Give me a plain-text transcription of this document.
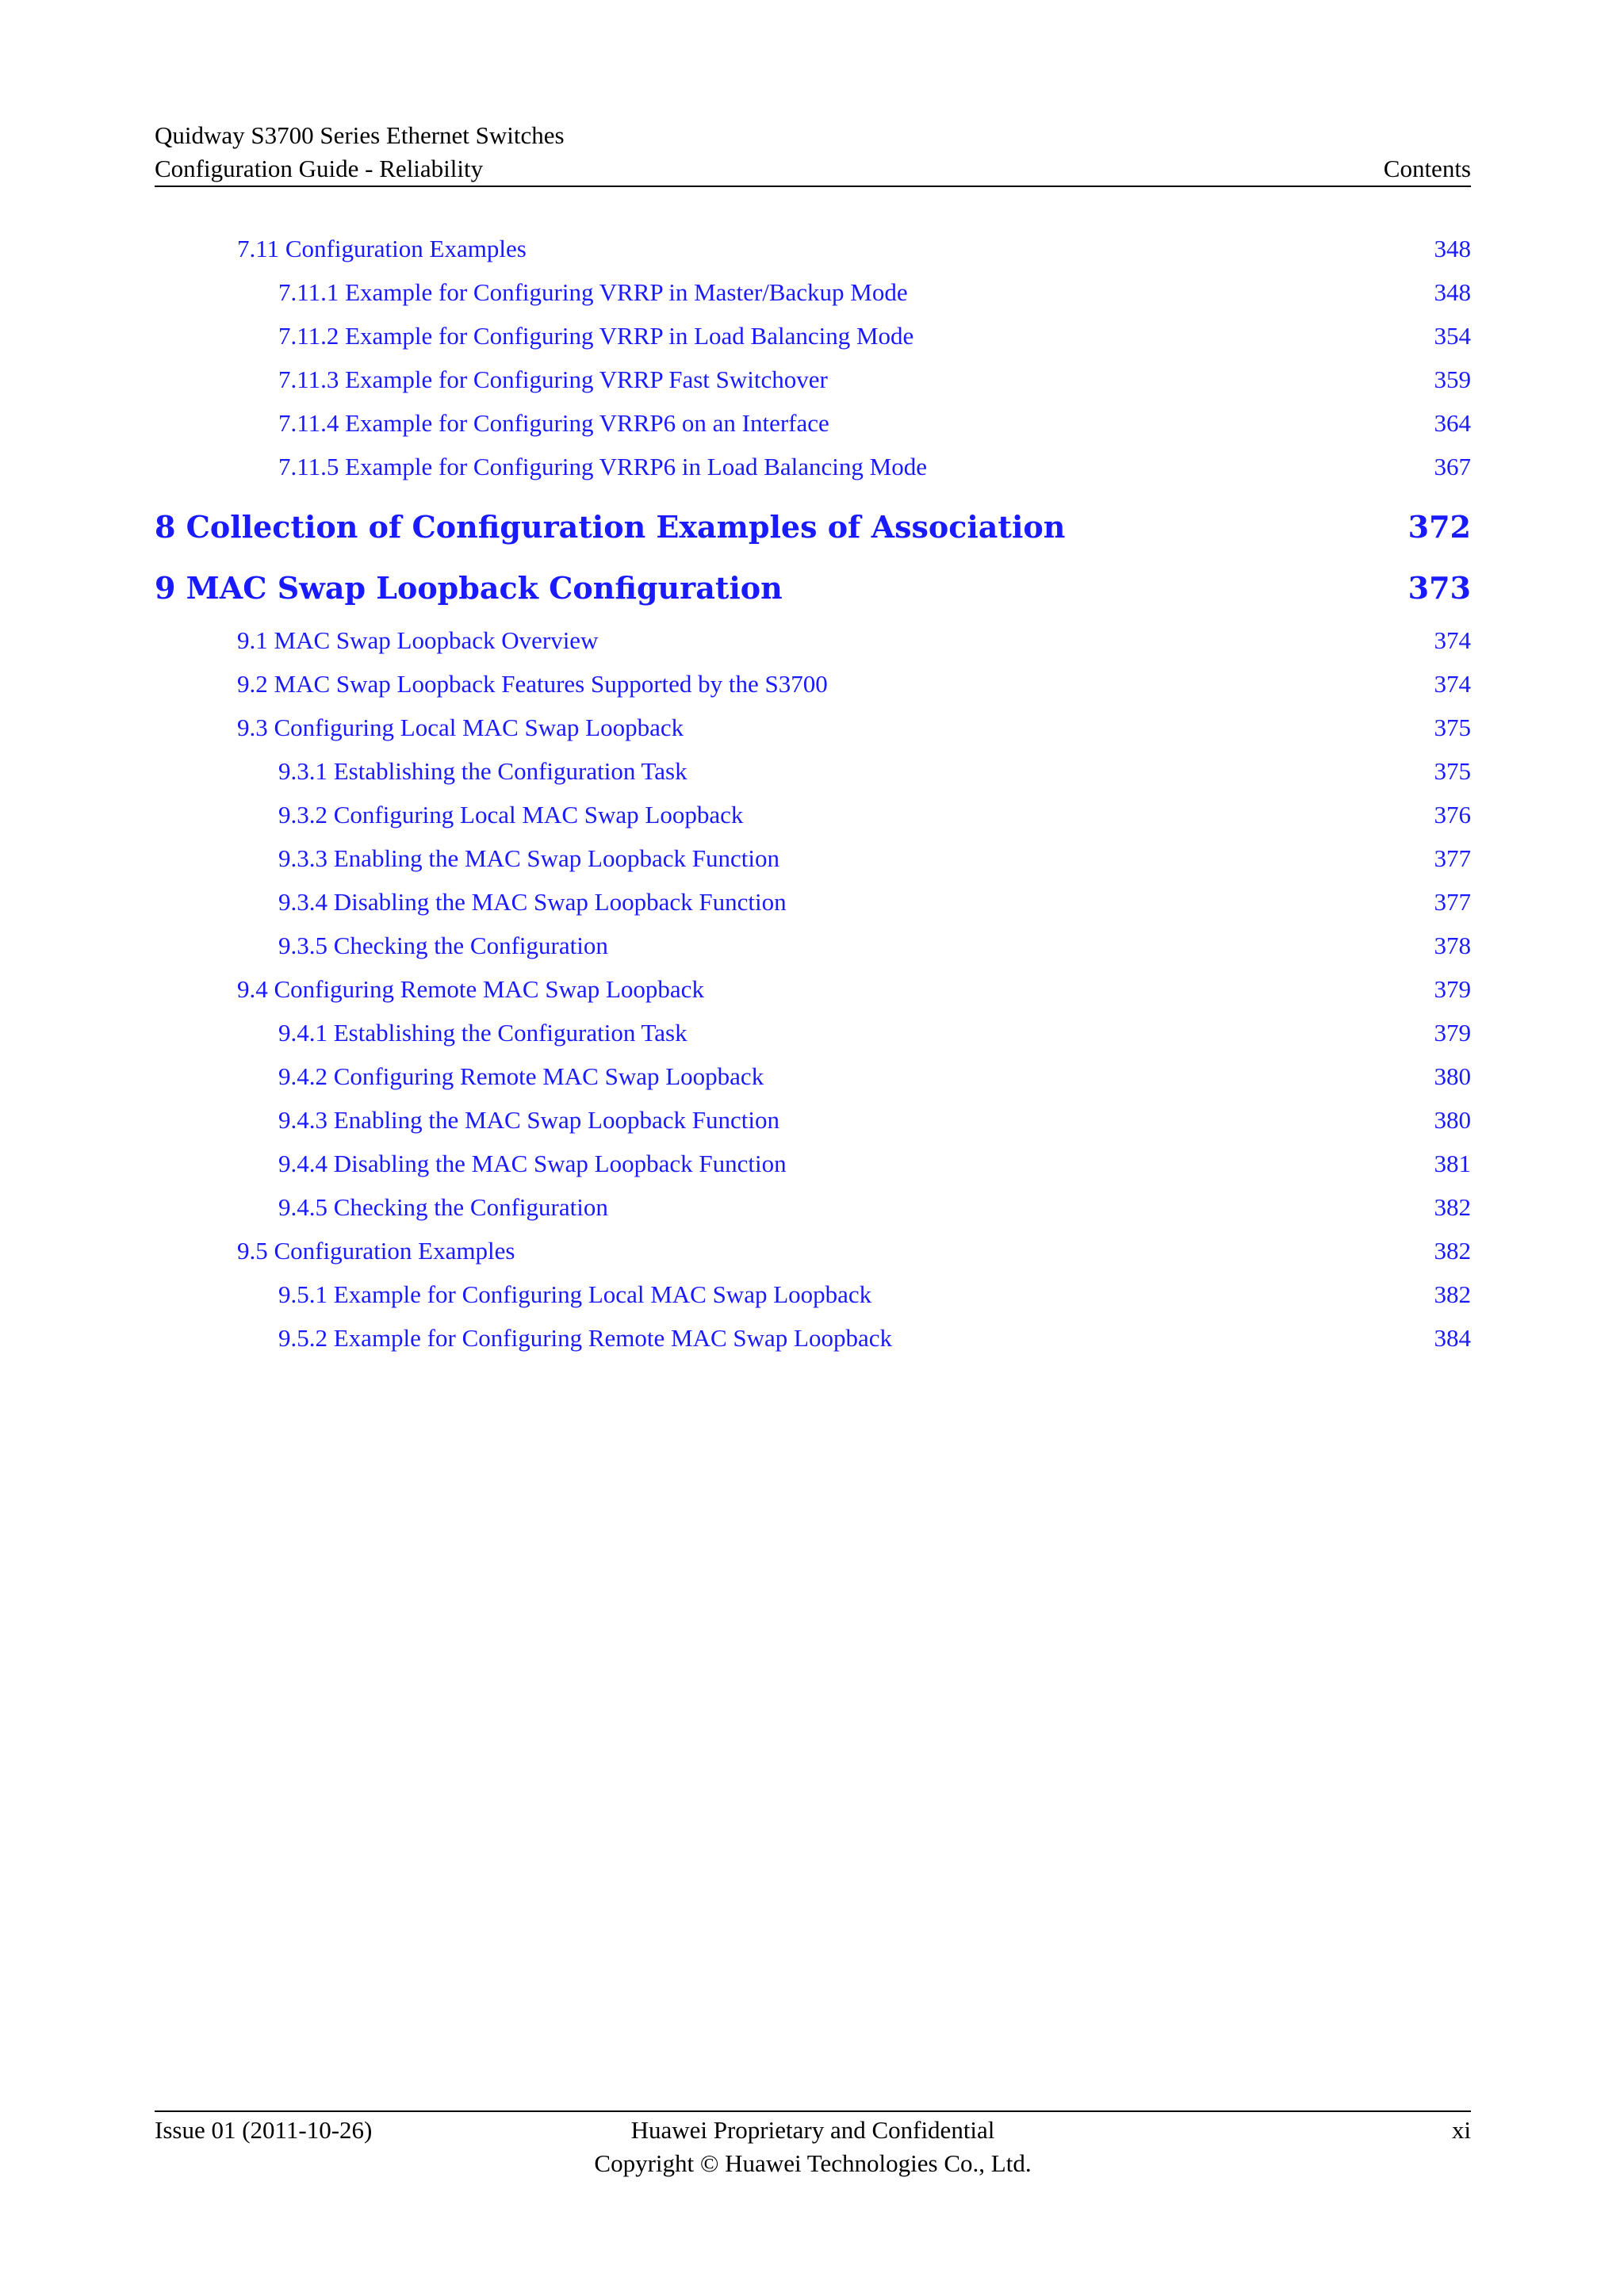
Quidway S3700 Series Ethernet Switches
Configuration Guide - Reliability	Contents
7.11 Configuration Examples	348
7.11.1 Example for Configuring VRRP in Master/Backup Mode	348
7.11.2 Example for Configuring VRRP in Load Balancing Mode	354
7.11.3 Example for Configuring VRRP Fast Switchover	359
7.11.4 Example for Configuring VRRP6 on an Interface	364
7.11.5 Example for Configuring VRRP6 in Load Balancing Mode	367
8 Collection of Configuration Examples of Association	372
9 MAC Swap Loopback Configuration	373
9.1 MAC Swap Loopback Overview	374
9.2 MAC Swap Loopback Features Supported by the S3700	374
9.3 Configuring Local MAC Swap Loopback	375
9.3.1 Establishing the Configuration Task	375
9.3.2 Configuring Local MAC Swap Loopback	376
9.3.3 Enabling the MAC Swap Loopback Function	377
9.3.4 Disabling the MAC Swap Loopback Function	377
9.3.5 Checking the Configuration	378
9.4 Configuring Remote MAC Swap Loopback	379
9.4.1 Establishing the Configuration Task	379
9.4.2 Configuring Remote MAC Swap Loopback	380
9.4.3 Enabling the MAC Swap Loopback Function	380
9.4.4 Disabling the MAC Swap Loopback Function	381
9.4.5 Checking the Configuration	382
9.5 Configuration Examples	382
9.5.1 Example for Configuring Local MAC Swap Loopback	382
9.5.2 Example for Configuring Remote MAC Swap Loopback	384
Issue 01 (2011-10-26)	Huawei Proprietary and Confidential
Copyright © Huawei Technologies Co., Ltd.
xi
